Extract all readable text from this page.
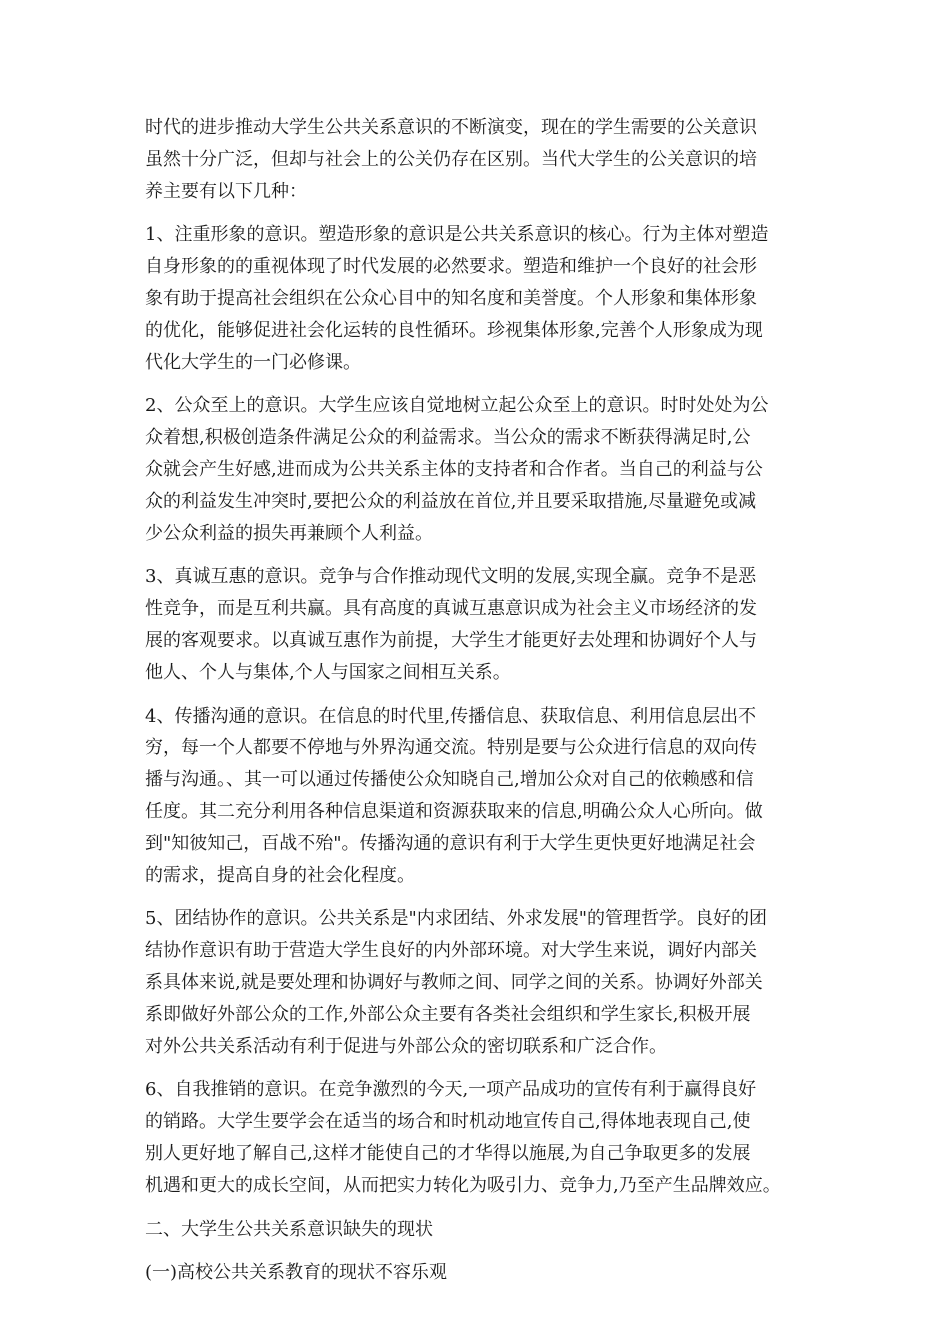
时代的进步推动大学生公共关系意识的不断演变，现在的学生需要的公关意识
虽然十分广泛，但却与社会上的公关仍存在区别。当代大学生的公关意识的培
养主要有以下几种：

1、注重形象的意识。塑造形象的意识是公共关系意识的核心。行为主体对塑造
自身形象的的重视体现了时代发展的必然要求。塑造和维护一个良好的社会形
象有助于提高社会组织在公众心目中的知名度和美誉度。个人形象和集体形象
的优化，能够促进社会化运转的良性循环。珍视集体形象,完善个人形象成为现
代化大学生的一门必修课。

2、公众至上的意识。大学生应该自觉地树立起公众至上的意识。时时处处为公
众着想,积极创造条件满足公众的利益需求。当公众的需求不断获得满足时,公
众就会产生好感,进而成为公共关系主体的支持者和合作者。当自己的利益与公
众的利益发生冲突时,要把公众的利益放在首位,并且要采取措施,尽量避免或减
少公众利益的损失再兼顾个人利益。

3、真诚互惠的意识。竞争与合作推动现代文明的发展,实现全赢。竞争不是恶
性竞争，而是互利共赢。具有高度的真诚互惠意识成为社会主义市场经济的发
展的客观要求。以真诚互惠作为前提，大学生才能更好去处理和协调好个人与
他人、个人与集体,个人与国家之间相互关系。

4、传播沟通的意识。在信息的时代里,传播信息、获取信息、利用信息层出不
穷，每一个人都要不停地与外界沟通交流。特别是要与公众进行信息的双向传
播与沟通。、其一可以通过传播使公众知晓自己,增加公众对自己的依赖感和信
任度。其二充分利用各种信息渠道和资源获取来的信息,明确公众人心所向。做
到"知彼知己，百战不殆"。传播沟通的意识有利于大学生更快更好地满足社会
的需求，提高自身的社会化程度。

5、团结协作的意识。公共关系是"内求团结、外求发展"的管理哲学。良好的团
结协作意识有助于营造大学生良好的内外部环境。对大学生来说，调好内部关
系具体来说,就是要处理和协调好与教师之间、同学之间的关系。协调好外部关
系即做好外部公众的工作,外部公众主要有各类社会组织和学生家长,积极开展
对外公共关系活动有利于促进与外部公众的密切联系和广泛合作。

6、自我推销的意识。在竞争激烈的今天,一项产品成功的宣传有利于赢得良好
的销路。大学生要学会在适当的场合和时机动地宣传自己,得体地表现自己,使
别人更好地了解自己,这样才能使自己的才华得以施展,为自己争取更多的发展
机遇和更大的成长空间，从而把实力转化为吸引力、竞争力,乃至产生品牌效应。

二、大学生公共关系意识缺失的现状

(一)高校公共关系教育的现状不容乐观
